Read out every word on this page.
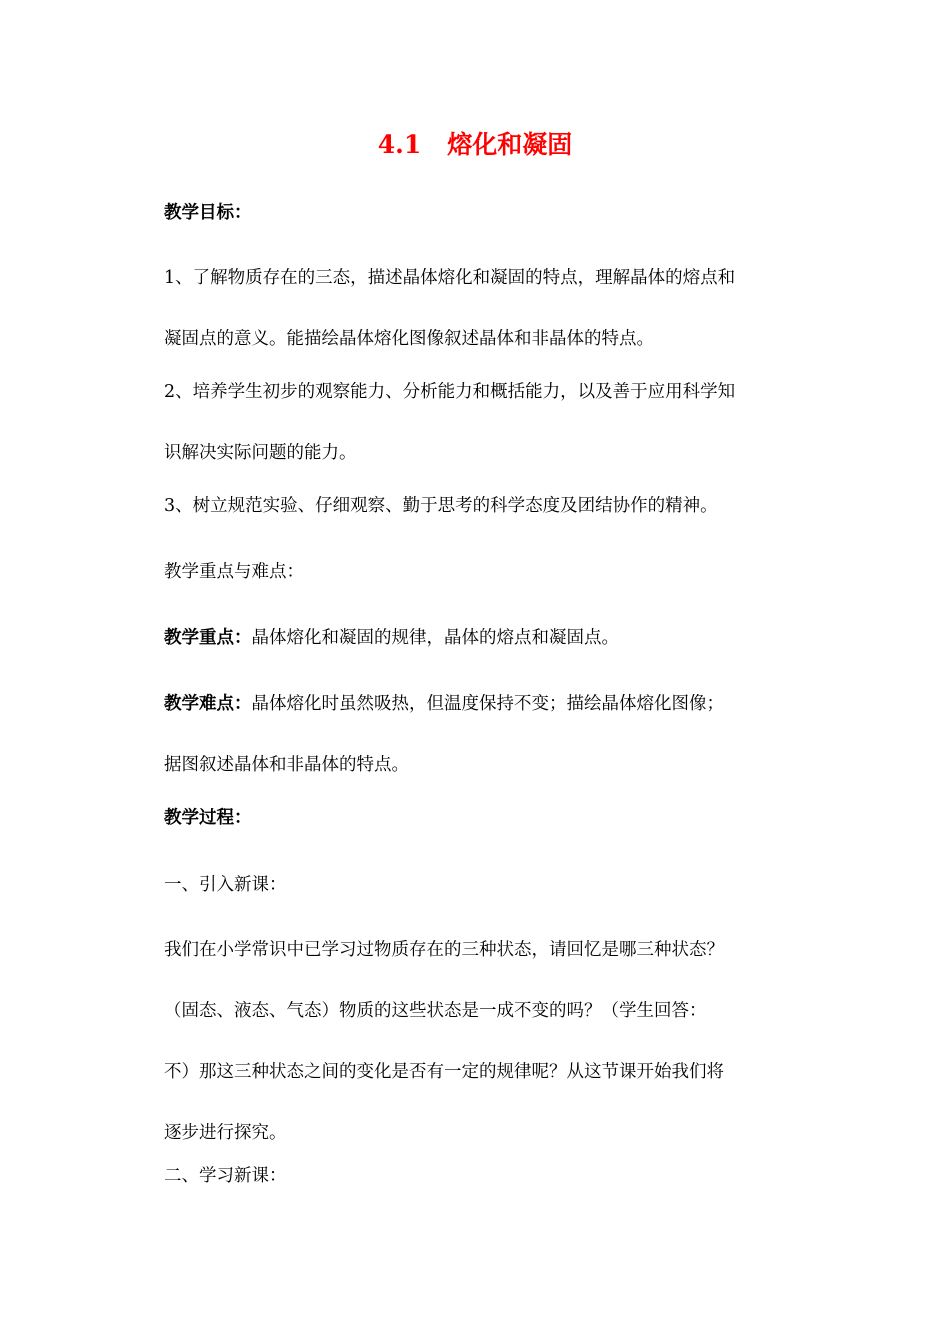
4.1 熔化和凝固

教学目标：

1、了解物质存在的三态，描述晶体熔化和凝固的特点，理解晶体的熔点和
凝固点的意义。能描绘晶体熔化图像叙述晶体和非晶体的特点。

2、培养学生初步的观察能力、分析能力和概括能力，以及善于应用科学知
识解决实际问题的能力。

3、树立规范实验、仔细观察、勤于思考的科学态度及团结协作的精神。

教学重点与难点：

教学重点：晶体熔化和凝固的规律，晶体的熔点和凝固点。

教学难点：晶体熔化时虽然吸热，但温度保持不变；描绘晶体熔化图像；
据图叙述晶体和非晶体的特点。

教学过程：

一、引入新课：

我们在小学常识中已学习过物质存在的三种状态，请回忆是哪三种状态？
（固态、液态、气态）物质的这些状态是一成不变的吗？（学生回答：
不）那这三种状态之间的变化是否有一定的规律呢？从这节课开始我们将
逐步进行探究。

二、学习新课：
